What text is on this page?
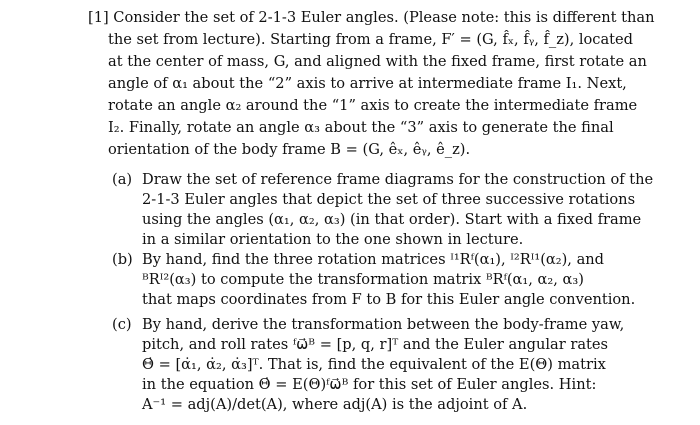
[1] Consider the set of 2-1-3 Euler angles. (Please note: this is different than
the set from lecture). Starting from a frame, F′ = (G, f̂ₓ, f̂ᵧ, f̂_z), located
at the center of mass, G, and aligned with the fixed frame, first rotate an
angle of α₁ about the “2” axis to arrive at intermediate frame I₁. Next,
rotate an angle α₂ around the “1” axis to create the intermediate frame
I₂. Finally, rotate an angle α₃ about the “3” axis to generate the final
orientation of the body frame B = (G, êₓ, êᵧ, ê_z).
(a) Draw the set of reference frame diagrams for the construction of the
2-1-3 Euler angles that depict the set of three successive rotations
using the angles (α₁, α₂, α₃) (in that order). Start with a fixed frame
in a similar orientation to the one shown in lecture.
(b) By hand, find the three rotation matrices ᴵ¹Rᶠ(α₁), ᴵ²Rᴵ¹(α₂), and
ᴮRᴵ²(α₃) to compute the transformation matrix ᴮRᶠ(α₁, α₂, α₃)
that maps coordinates from F to B for this Euler angle convention.
(c) By hand, derive the transformation between the body-frame yaw,
pitch, and roll rates ᶠω⃗ᴮ = [p, q, r]ᵀ and the Euler angular rates
Θ̇ = [α̇₁, α̇₂, α̇₃]ᵀ. That is, find the equivalent of the E(Θ) matrix
in the equation Θ̇ = E(Θ)ᶠω⃗ᴮ for this set of Euler angles. Hint:
A⁻¹ = adj(A)/det(A), where adj(A) is the adjoint of A.
